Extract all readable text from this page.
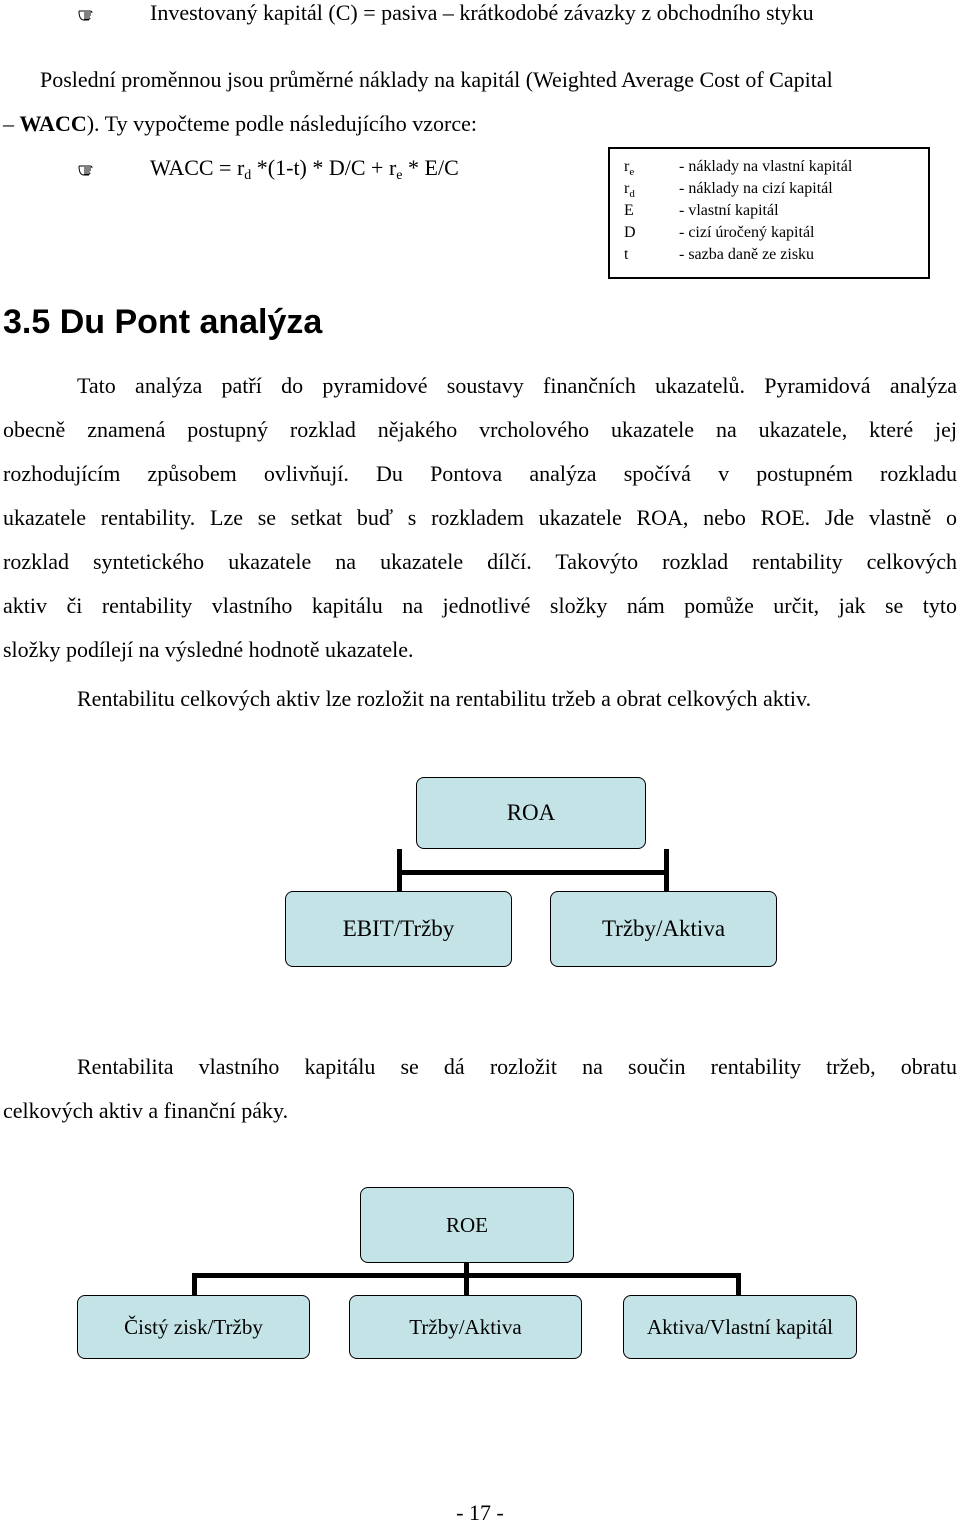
Investovaný kapitál (C) = pasiva – krátkodobé závazky z obchodního styku
Poslední proměnnou jsou průměrné náklady na kapitál (Weighted Average Cost of Capital
– WACC). Ty vypočteme podle následujícího vzorce:
WACC = $r_d$ $*(1-t) * D/C + r_e * E/C$	$r_e$	- náklady na vlastní kapitál
$r_d$	- náklady na cizí kapitál
E	- vlastní kapitál
D	- cizí úročený kapitál
t	- sazba daně ze zisku
3.5 Du Pont analýza
Tato analýza patří do pyramidové soustavy finančních ukazatelů. Pyramidová analýza
obecně znamená postupný rozklad nějakého vrcholového ukazatele na ukazatele, které jej
rozhodujícím způsobem ovlivňují. Du Pontova analýza spočívá v postupném rozkladu
ukazatele rentability. Lze se setkat buď s rozkladem ukazatele ROA, nebo ROE. Jde vlastně o
rozklad syntetického ukazatele na ukazatele dílčí. Takovýto rozklad rentability celkových
aktiv či rentability vlastního kapitálu na jednotlivé složky nám pomůže určit, jak se tyto
složky podílejí na výsledné hodnotě ukazatele.
Rentabilitu celkových aktiv lze rozložit na rentabilitu tržeb a obrat celkových aktiv.
ROA
EBIT/Tržby	Tržby/Aktiva
Rentabilita vlastního kapitálu se dá rozložit na součin rentability tržeb, obratu
celkových aktiv a finanční páky.
ROE
Čistý zisk/Tržby	Tržby/Aktiva	Aktiva/Vlastní kapitál
- 17 -
